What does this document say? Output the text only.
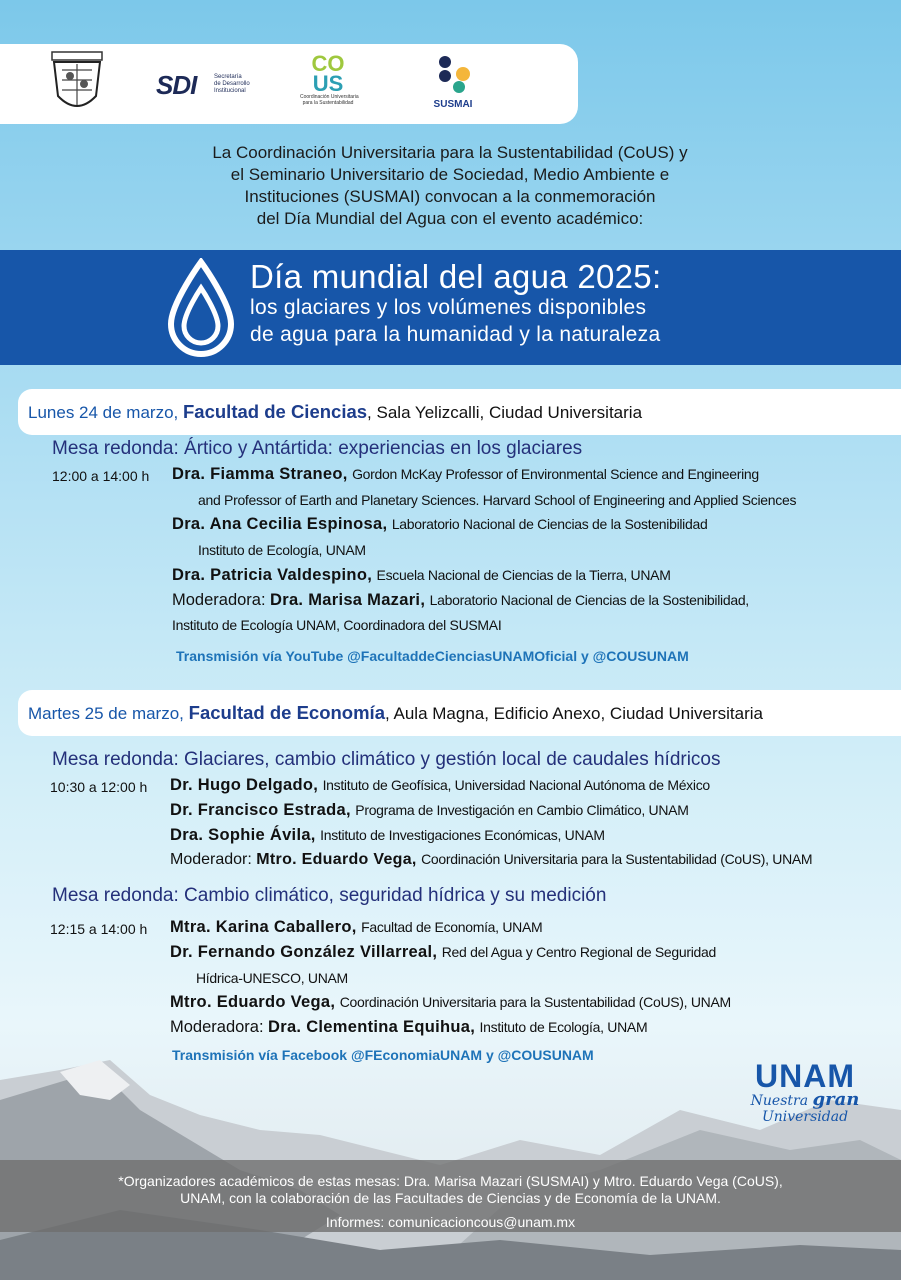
SDI	Secretaría
de Desarrollo
Institucional
CO
US
Coordinación Universitaria
para la Sustentabilidad	SUSMAI
La Coordinación Universitaria para la Sustentabilidad (CoUS) y
el Seminario Universitario de Sociedad, Medio Ambiente e
Instituciones (SUSMAI) convocan a la conmemoración
del Día Mundial del Agua con el evento académico:
Día mundial del agua 2025:
los glaciares y los volúmenes disponibles
de agua para la humanidad y la naturaleza
Lunes 24 de marzo, Facultad de Ciencias, Sala Yelizcalli, Ciudad Universitaria
Mesa redonda: Ártico y Antártida: experiencias en los glaciares
12:00 a 14:00 h Dra. Fiamma Straneo, Gordon McKay Professor of Environmental Science and Engineering
and Professor of Earth and Planetary Sciences. Harvard School of Engineering and Applied Sciences
Dra. Ana Cecilia Espinosa, Laboratorio Nacional de Ciencias de la Sostenibilidad
Instituto de Ecología, UNAM
Dra. Patricia Valdespino, Escuela Nacional de Ciencias de la Tierra, UNAM
Moderadora: Dra. Marisa Mazari, Laboratorio Nacional de Ciencias de la Sostenibilidad,
Instituto de Ecología UNAM, Coordinadora del SUSMAI
Transmisión vía YouTube @FacultaddeCienciasUNAMOficial y @COUSUNAM
Martes 25 de marzo, Facultad de Economía, Aula Magna, Edificio Anexo, Ciudad Universitaria
Mesa redonda: Glaciares, cambio climático y gestión local de caudales hídricos
10:30 a 12:00 h Dr. Hugo Delgado, Instituto de Geofísica, Universidad Nacional Autónoma de México
Dr. Francisco Estrada, Programa de Investigación en Cambio Climático, UNAM
Dra. Sophie Ávila, Instituto de Investigaciones Económicas, UNAM
Moderador: Mtro. Eduardo Vega, Coordinación Universitaria para la Sustentabilidad (CoUS), UNAM
Mesa redonda: Cambio climático, seguridad hídrica y su medición
12:15 a 14:00 h Mtra. Karina Caballero, Facultad de Economía, UNAM
Dr. Fernando González Villarreal, Red del Agua y Centro Regional de Seguridad
Hídrica-UNESCO, UNAM
Mtro. Eduardo Vega, Coordinación Universitaria para la Sustentabilidad (CoUS), UNAM
Moderadora: Dra. Clementina Equihua, Instituto de Ecología, UNAM
Transmisión vía Facebook @FEconomiaUNAM y @COUSUNAM
UNAM
Nuestra gran
Universidad
*Organizadores académicos de estas mesas: Dra. Marisa Mazari (SUSMAI) y Mtro. Eduardo Vega (CoUS),
UNAM, con la colaboración de las Facultades de Ciencias y de Economía de la UNAM.
Informes: comunicacioncous@unam.mx
